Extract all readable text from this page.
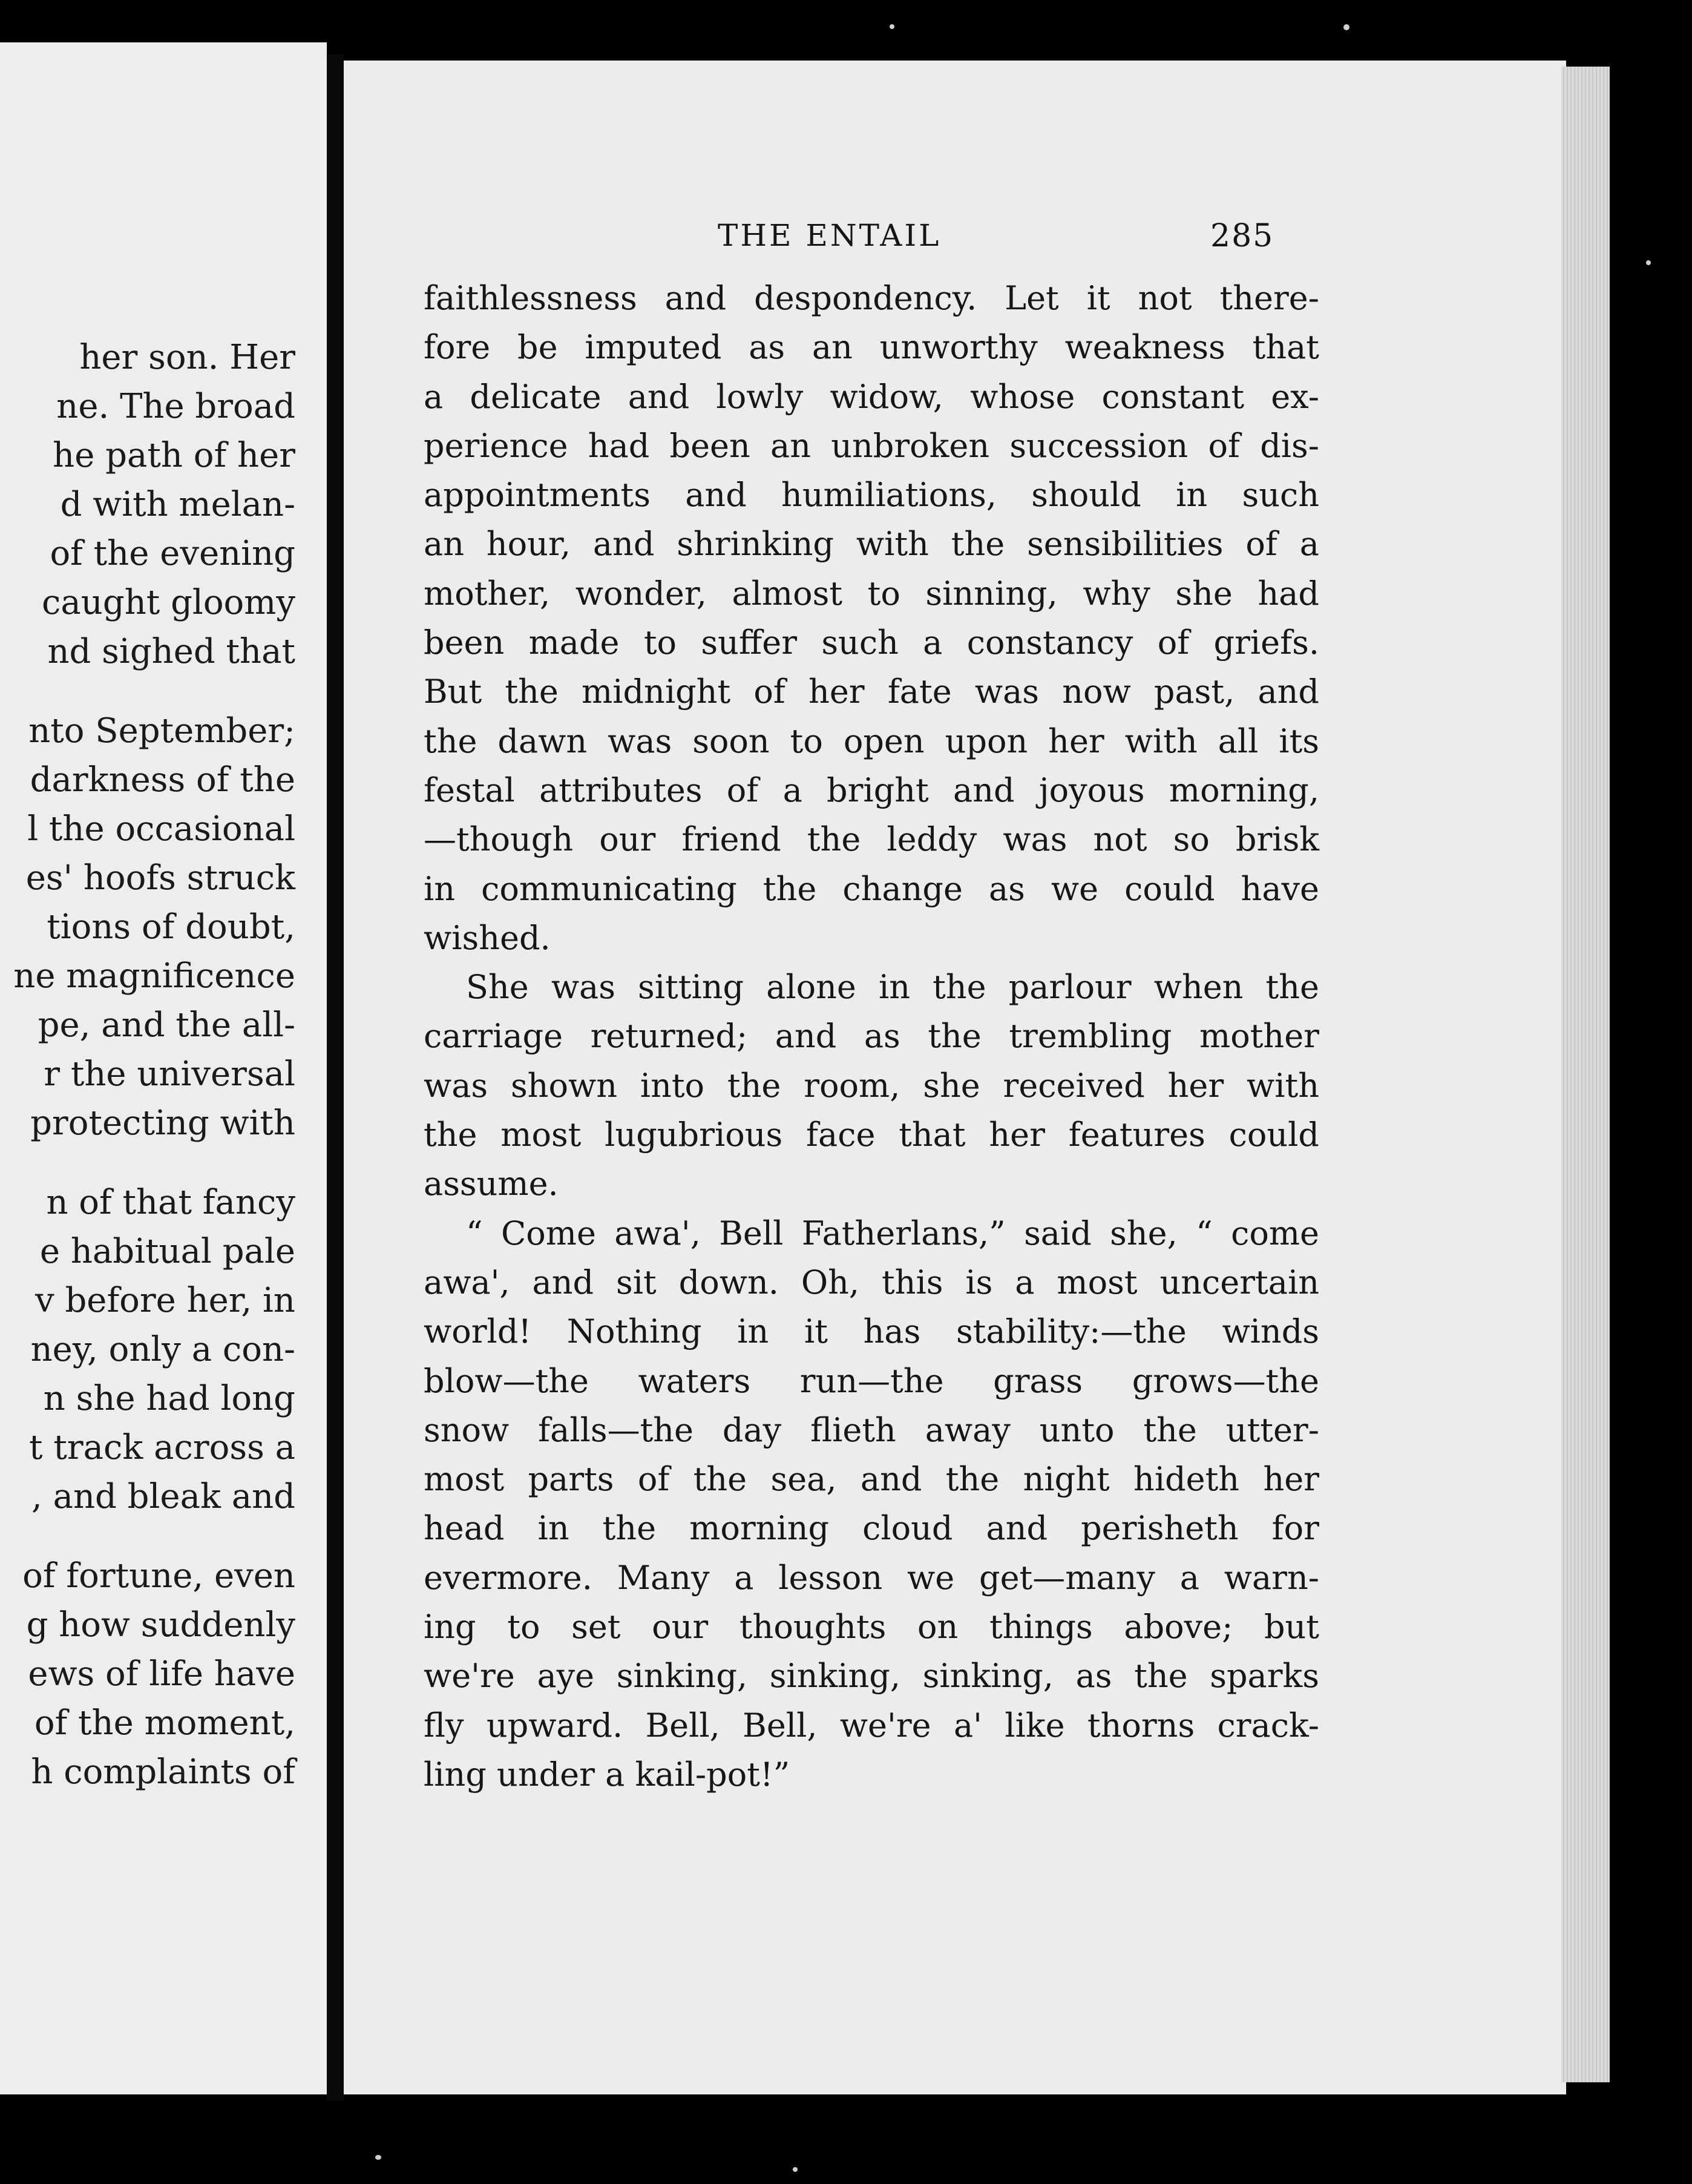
her son. Her
ne. The broad
he path of her
d with melan-
of the evening
caught gloomy
nd sighed that
nto September;
darkness of the
l the occasional
es' hoofs struck
tions of doubt,
ne magnificence
pe, and the all-
r the universal
protecting with
n of that fancy
e habitual pale
v before her, in
ney, only a con-
n she had long
t track across a
, and bleak and
of fortune, even
g how suddenly
ews of life have
of the moment,
h complaints of
THE ENTAIL	285
faithlessness and despondency. Let it not there-
fore be imputed as an unworthy weakness that
a delicate and lowly widow, whose constant ex-
perience had been an unbroken succession of dis-
appointments and humiliations, should in such
an hour, and shrinking with the sensibilities of a
mother, wonder, almost to sinning, why she had
been made to suffer such a constancy of griefs.
But the midnight of her fate was now past, and
the dawn was soon to open upon her with all its
festal attributes of a bright and joyous morning,
—though our friend the leddy was not so brisk
in communicating the change as we could have
wished.
She was sitting alone in the parlour when the
carriage returned; and as the trembling mother
was shown into the room, she received her with
the most lugubrious face that her features could
assume.
“ Come awa', Bell Fatherlans,” said she, “ come
awa', and sit down. Oh, this is a most uncertain
world! Nothing in it has stability:—the winds
blow—the waters run—the grass grows—the
snow falls—the day flieth away unto the utter-
most parts of the sea, and the night hideth her
head in the morning cloud and perisheth for
evermore. Many a lesson we get—many a warn-
ing to set our thoughts on things above; but
we're aye sinking, sinking, sinking, as the sparks
fly upward. Bell, Bell, we're a' like thorns crack-
ling under a kail-pot!”
